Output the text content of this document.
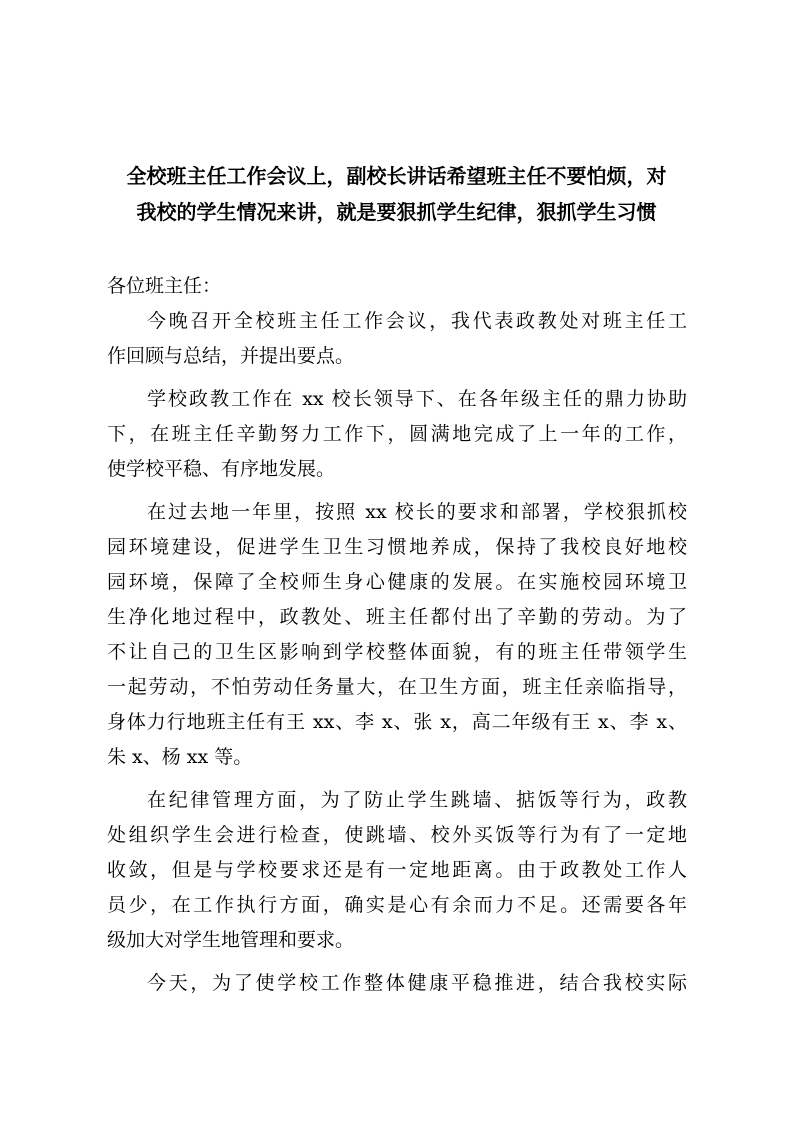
全校班主任工作会议上，副校长讲话希望班主任不要怕烦，对
我校的学生情况来讲，就是要狠抓学生纪律，狠抓学生习惯
各位班主任：
今晚召开全校班主任工作会议，我代表政教处对班主任工
作回顾与总结，并提出要点。
学校政教工作在 xx 校长领导下、在各年级主任的鼎力协助
下，在班主任辛勤努力工作下，圆满地完成了上一年的工作，
使学校平稳、有序地发展。
在过去地一年里，按照 xx 校长的要求和部署，学校狠抓校
园环境建设，促进学生卫生习惯地养成，保持了我校良好地校
园环境，保障了全校师生身心健康的发展。在实施校园环境卫
生净化地过程中，政教处、班主任都付出了辛勤的劳动。为了
不让自己的卫生区影响到学校整体面貌，有的班主任带领学生
一起劳动，不怕劳动任务量大，在卫生方面，班主任亲临指导，
身体力行地班主任有王 xx、李 x、张 x，高二年级有王 x、李 x、
朱 x、杨 xx 等。
在纪律管理方面，为了防止学生跳墙、掂饭等行为，政教
处组织学生会进行检查，使跳墙、校外买饭等行为有了一定地
收敛，但是与学校要求还是有一定地距离。由于政教处工作人
员少，在工作执行方面，确实是心有余而力不足。还需要各年
级加大对学生地管理和要求。
今天，为了使学校工作整体健康平稳推进，结合我校实际
